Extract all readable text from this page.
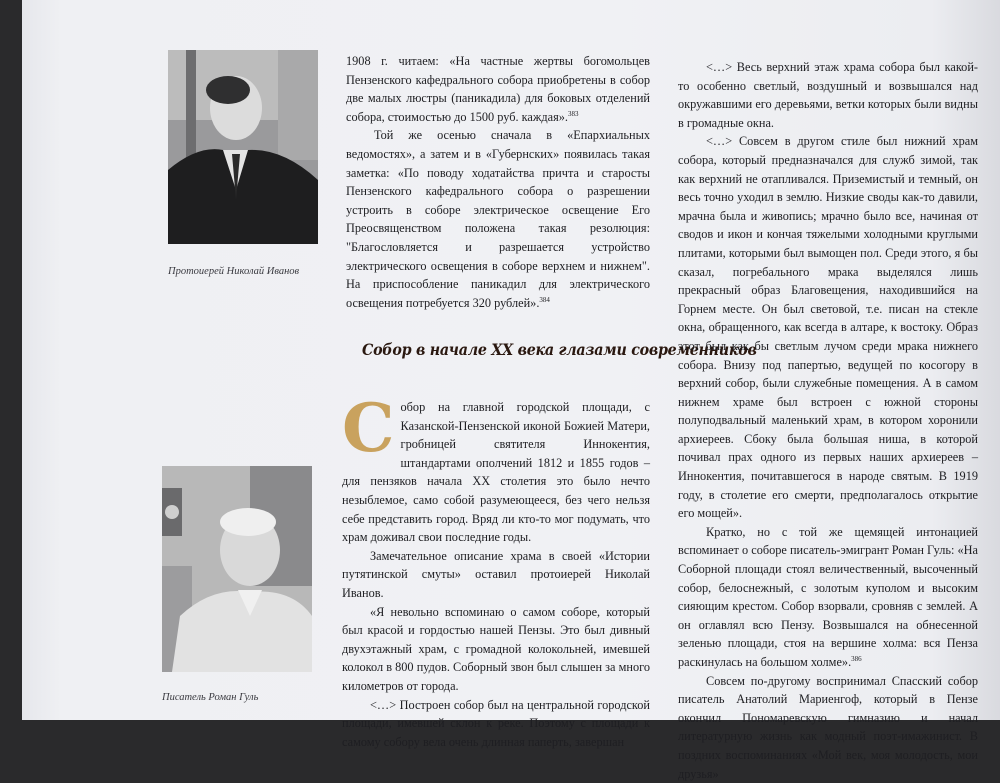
Протоиерей Николай Иванов
Писатель Роман Гуль

1908 г. читаем: «На частные жертвы богомольцев Пензенского кафедрального собора приобретены в собор две малых люстры (паникадила) для боковых отделений собора, стоимостью до 1500 руб. каждая».$^{383}$

Той же осенью сначала в «Епархиальных ведомостях», а затем и в «Губернских» появилась такая заметка: «По поводу ходатайства причта и старосты Пензенского кафедрального собора о разрешении устроить в соборе электрическое освещение Его Преосвященством положена такая резолюция: "Благословляется и разрешается устройство электрического освещения в соборе верхнем и нижнем". На приспособление паникадил для электрического освещения потребуется 320 рублей».$^{384}$

Собор в начале XX века глазами современников

Собор на главной городской площади, с Казанской-Пензенской иконой Божией Матери, гробницей святителя Иннокентия, штандартами ополчений 1812 и 1855 годов – для пензяков начала XX столетия это было нечто незыблемое, само собой разумеющееся, без чего нельзя себе представить город. Вряд ли кто-то мог подумать, что храм доживал свои последние годы.

Замечательное описание храма в своей «Истории путятинской смуты» оставил протоиерей Николай Иванов.

«Я невольно вспоминаю о самом соборе, который был красой и гордостью нашей Пензы. Это был дивный двухэтажный храм, с громадной колокольней, имевшей колокол в 800 пудов. Соборный звон был слышен за много километров от города.

<…> Построен собор был на центральной городской площади, имевшей склон к реке. Поэтому с площади к самому собору вела очень длинная паперть, завершан

<…> Весь верхний этаж храма собора был какой-то особенно светлый, воздушный и возвышался над окружавшими его деревьями, ветки которых были видны в громадные окна.

<…> Совсем в другом стиле был нижний храм собора, который предназначался для служб зимой, так как верхний не отапливался. Приземистый и темный, он весь точно уходил в землю. Низкие своды как-то давили, мрачна была и живопись; мрачно было все, начиная от сводов и икон и кончая тяжелыми холодными круглыми плитами, которыми был вымощен пол. Среди этого, я бы сказал, погребального мрака выделялся лишь прекрасный образ Благовещения, находившийся на Горнем месте. Он был световой, т.е. писан на стекле окна, обращенного, как всегда в алтаре, к востоку. Образ этот был как бы светлым лучом среди мрака нижнего собора. Внизу под папертью, ведущей по косогору в верхний собор, были служебные помещения. А в самом нижнем храме был встроен с южной стороны полуподвальный маленький храм, в котором хоронили архиереев. Сбоку была большая ниша, в которой почивал прах одного из первых наших архиереев – Иннокентия, почитавшегося в народе святым. В 1919 году, в столетие его смерти, предполагалось открытие его мощей».

Кратко, но с той же щемящей интонацией вспоминает о соборе писатель-эмигрант Роман Гуль: «На Соборной площади стоял величественный, высоченный собор, белоснежный, с золотым куполом и высоким сияющим крестом. Собор взорвали, сровняв с землей. А он оглавлял всю Пензу. Возвышался на обнесенной зеленью площади, стоя на вершине холма: вся Пенза раскинулась на большом холме».$^{386}$

Совсем по-другому воспринимал Спасский собор писатель Анатолий Мариенгоф, который в Пензе окончил Пономаревскую гимназию и начал литературную жизнь как модный поэт-имажинист. В поздних воспоминаниях «Мой век, моя молодость, мои друзья»
